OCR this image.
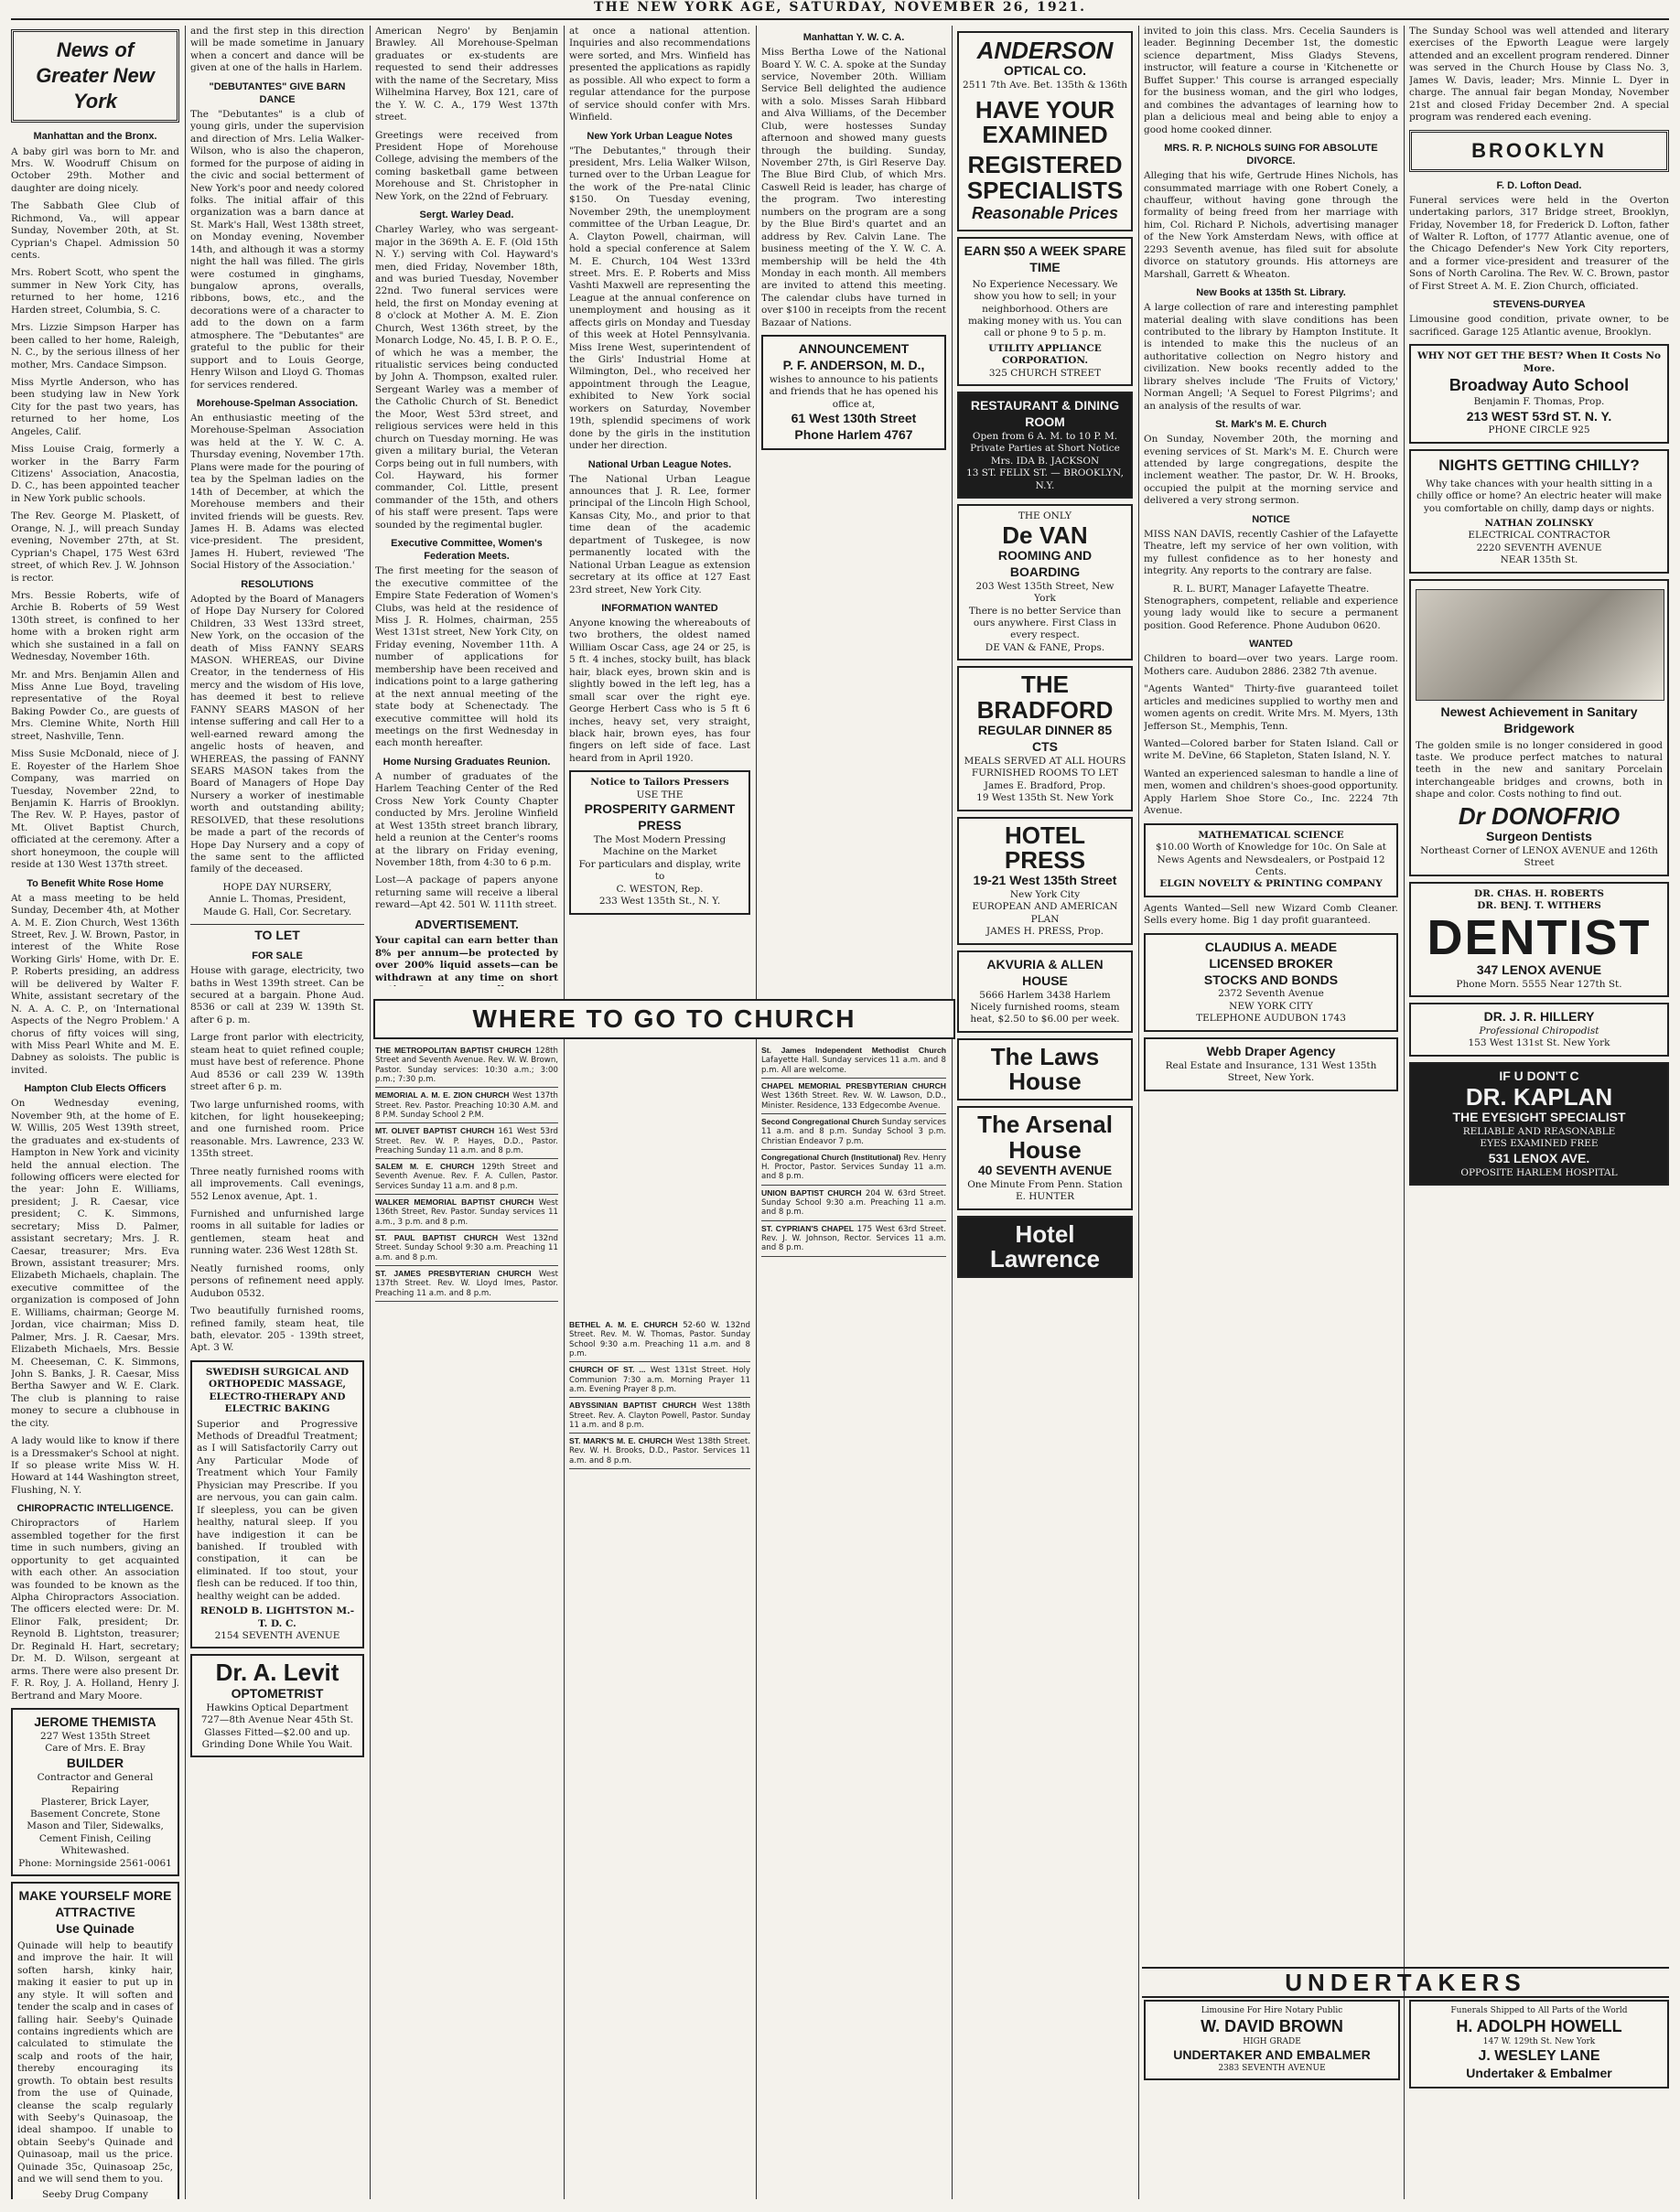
THE NEW YORK AGE, SATURDAY, NOVEMBER 26, 1921.
News of Greater New York
Manhattan and the Bronx.

A baby girl was born to Mr. and Mrs. W. Woodruff Chisum on October 29th. Mother and daughter are doing nicely.

The Sabbath Glee Club of Richmond, Va., will appear Sunday, November 20th, at St. Cyprian's Chapel. Admission 50 cents.

Mrs. Robert Scott, who spent the summer in New York City, has returned to her home, 1216 Harden street, Columbia, S. C.

Mrs. Lizzie Simpson Harper has been called to her home, Raleigh, N. C., by the serious illness of her mother, Mrs. Candace Simpson.

Miss Myrtle Anderson, who has been studying law in New York City for the past two years, has returned to her home, Los Angeles, Calif.

Miss Louise Craig, formerly a worker in the Barry Farm Citizens' Association, Anacostia, D. C., has been appointed teacher in New York public schools.

The Rev. George M. Plaskett, of Orange, N. J., will preach Sunday evening, November 27th, at St. Cyprian's Chapel, 175 West 63rd street, of which Rev. J. W. Johnson is rector.

Mrs. Bessie Roberts, wife of Archie B. Roberts of 59 West 130th street, is confined to her home with a broken right arm which she sustained in a fall on Wednesday, November 16th.

Mr. and Mrs. Benjamin Allen and Miss Anne Lue Boyd, traveling representative of the Royal Baking Powder Co., are guests of Mrs. Clemine White, North Hill street, Nashville, Tenn.

Miss Susie McDonald, niece of J. E. Royester of the Harlem Shoe Company, was married on Tuesday, November 22nd, to Benjamin K. Harris of Brooklyn. The Rev. W. P. Hayes, pastor of Mt. Olivet Baptist Church, officiated at the ceremony. After a short honeymoon, the couple will reside at 130 West 137th street.

To Benefit White Rose Home

At a mass meeting to be held Sunday, December 4th, at Mother A. M. E. Zion Church, West 136th Street, Rev. J. W. Brown, Pastor, in interest of the White Rose Working Girls' Home, with Dr. E. P. Roberts presiding, an address will be delivered by Walter F. White, assistant secretary of the N. A. A. C. P., on 'International Aspects of the Negro Problem.' A chorus of fifty voices will sing, with Miss Pearl White and M. E. Dabney as soloists. The public is invited.

Hampton Club Elects Officers

On Wednesday evening, November 9th, at the home of E. W. Willis, 205 West 139th street, the graduates and ex-students of Hampton in New York and vicinity held the annual election. The following officers were elected for the year: John E. Williams, president; J. R. Caesar, vice president; C. K. Simmons, secretary; Miss D. Palmer, assistant secretary; Mrs. J. R. Caesar, treasurer; Mrs. Eva Brown, assistant treasurer; Mrs. Elizabeth Michaels, chaplain. The executive committee of the organization is composed of John E. Williams, chairman; George M. Jordan, vice chairman; Miss D. Palmer, Mrs. J. R. Caesar, Mrs. Elizabeth Michaels, Mrs. Bessie M. Cheeseman, C. K. Simmons, John S. Banks, J. R. Caesar, Miss Bertha Sawyer and W. E. Clark. The club is planning to raise money to secure a clubhouse in the city.

A lady would like to know if there is a Dressmaker's School at night. If so please write Miss W. H. Howard at 144 Washington street, Flushing, N. Y.

CHIROPRACTIC INTELLIGENCE.

Chiropractors of Harlem assembled together for the first time in such numbers, giving an opportunity to get acquainted with each other. An association was founded to be known as the Alpha Chiropractors Association. The officers elected were: Dr. M. Elinor Falk, president; Dr. Reynold B. Lightston, treasurer; Dr. Reginald H. Hart, secretary; Dr. M. D. Wilson, sergeant at arms. There were also present Dr. F. R. Roy, J. A. Holland, Henry J. Bertrand and Mary Moore.

JEROME THEMISTA
227 West 135th Street
Care of Mrs. E. Bray
BUILDER
Contractor and General Repairing
Plasterer, Brick Layer, Basement Concrete, Stone Mason and Tiler, Sidewalks, Cement Finish, Ceiling Whitewashed.
Phone: Morningside 2561-0061
MAKE YOURSELF MORE ATTRACTIVE
Use Quinade

Quinade will help to beautify and improve the hair. It will soften harsh, kinky hair, making it easier to put up in any style. It will soften and tender the scalp and in cases of falling hair. Seeby's Quinade contains ingredients which are calculated to stimulate the scalp and roots of the hair, thereby encouraging its growth. To obtain best results from the use of Quinade, cleanse the scalp regularly with Seeby's Quinasoap, the ideal shampoo. If unable to obtain Seeby's Quinade and Quinasoap, mail us the price. Quinade 35c, Quinasoap 25c, and we will send them to you.

Seeby Drug Company

and the first step in this direction will be made sometime in January when a concert and dance will be given at one of the halls in Harlem.

"DEBUTANTES" GIVE BARN DANCE

The "Debutantes" is a club of young girls, under the supervision and direction of Mrs. Lelia Walker-Wilson, who is also the chaperon, formed for the purpose of aiding in the civic and social betterment of New York's poor and needy colored folks. The initial affair of this organization was a barn dance at St. Mark's Hall, West 138th street, on Monday evening, November 14th, and although it was a stormy night the hall was filled. The girls were costumed in ginghams, bungalow aprons, overalls, ribbons, bows, etc., and the decorations were of a character to add to the down on a farm atmosphere. The "Debutantes" are grateful to the public for their support and to Louis George, Henry Wilson and Lloyd G. Thomas for services rendered.

Morehouse-Spelman Association.

An enthusiastic meeting of the Morehouse-Spelman Association was held at the Y. W. C. A. Thursday evening, November 17th. Plans were made for the pouring of tea by the Spelman ladies on the 14th of December, at which the Morehouse members and their invited friends will be guests. Rev. James H. B. Adams was elected vice-president. The president, James H. Hubert, reviewed 'The Social History of the Association.'

RESOLUTIONS

Adopted by the Board of Managers of Hope Day Nursery for Colored Children, 33 West 133rd street, New York, on the occasion of the death of Miss FANNY SEARS MASON. WHEREAS, our Divine Creator, in the tenderness of His mercy and the wisdom of His love, has deemed it best to relieve FANNY SEARS MASON of her intense suffering and call Her to a well-earned reward among the angelic hosts of heaven, and WHEREAS, the passing of FANNY SEARS MASON takes from the Board of Managers of Hope Day Nursery a worker of inestimable worth and outstanding ability; RESOLVED, that these resolutions be made a part of the records of Hope Day Nursery and a copy of the same sent to the afflicted family of the deceased.

HOPE DAY NURSERY,
Annie L. Thomas, President,
Maude G. Hall, Cor. Secretary.
TO LET
FOR SALE

House with garage, electricity, two baths in West 139th street. Can be secured at a bargain. Phone Aud. 8536 or call at 239 W. 139th St. after 6 p. m.

Large front parlor with electricity, steam heat to quiet refined couple; must have best of reference. Phone Aud 8536 or call 239 W. 139th street after 6 p. m.

Two large unfurnished rooms, with kitchen, for light housekeeping; and one furnished room. Price reasonable. Mrs. Lawrence, 233 W. 135th street.

Three neatly furnished rooms with all improvements. Call evenings, 552 Lenox avenue, Apt. 1.

Furnished and unfurnished large rooms in all suitable for ladies or gentlemen, steam heat and running water. 236 West 128th St.

Neatly furnished rooms, only persons of refinement need apply. Audubon 0532.

Two beautifully furnished rooms, refined family, steam heat, tile bath, elevator. 205 - 139th street, Apt. 3 W.

SWEDISH SURGICAL AND ORTHOPEDIC MASSAGE, ELECTRO-THERAPY AND ELECTRIC BAKING

Superior and Progressive Methods of Dreadful Treatment; as I will Satisfactorily Carry out Any Particular Mode of Treatment which Your Family Physician may Prescribe. If you are nervous, you can gain calm. If sleepless, you can be given healthy, natural sleep. If you have indigestion it can be banished. If troubled with constipation, it can be eliminated. If too stout, your flesh can be reduced. If too thin, healthy weight can be added.

RENOLD B. LIGHTSTON M.-T. D. C.
2154 SEVENTH AVENUE
Dr. A. Levit
OPTOMETRIST
Hawkins Optical Department
727—8th Avenue Near 45th St.
Glasses Fitted—$2.00 and up.
Grinding Done While You Wait.

American Negro' by Benjamin Brawley. All Morehouse-Spelman graduates or ex-students are requested to send their addresses with the name of the Secretary, Miss Wilhelmina Harvey, Box 121, care of the Y. W. C. A., 179 West 137th street.

Greetings were received from President Hope of Morehouse College, advising the members of the coming basketball game between Morehouse and St. Christopher in New York, on the 22nd of February.

Sergt. Warley Dead.

Charley Warley, who was sergeant-major in the 369th A. E. F. (Old 15th N. Y.) serving with Col. Hayward's men, died Friday, November 18th, and was buried Tuesday, November 22nd. Two funeral services were held, the first on Monday evening at 8 o'clock at Mother A. M. E. Zion Church, West 136th street, by the Monarch Lodge, No. 45, I. B. P. O. E., of which he was a member, the ritualistic services being conducted by John A. Thompson, exalted ruler. Sergeant Warley was a member of the Catholic Church of St. Benedict the Moor, West 53rd street, and religious services were held in this church on Tuesday morning. He was given a military burial, the Veteran Corps being out in full numbers, with Col. Hayward, his former commander, Col. Little, present commander of the 15th, and others of his staff were present. Taps were sounded by the regimental bugler.

Executive Committee, Women's Federation Meets.

The first meeting for the season of the executive committee of the Empire State Federation of Women's Clubs, was held at the residence of Miss J. R. Holmes, chairman, 255 West 131st street, New York City, on Friday evening, November 11th. A number of applications for membership have been received and indications point to a large gathering at the next annual meeting of the state body at Schenectady. The executive committee will hold its meetings on the first Wednesday in each month hereafter.

Home Nursing Graduates Reunion.

A number of graduates of the Harlem Teaching Center of the Red Cross New York County Chapter conducted by Mrs. Jeroline Winfield at West 135th street branch library, held a reunion at the Center's rooms at the library on Friday evening, November 18th, from 4:30 to 6 p.m.

Lost—A package of papers anyone returning same will receive a liberal reward—Apt 42. 501 W. 111th street.

ADVERTISEMENT.

Your capital can earn better than 8% per annum—be protected by over 200% liquid assets—can be withdrawn at any time on short

at once a national attention. Inquiries and also recommendations were sorted, and Mrs. Winfield has presented the applications as rapidly as possible. All who expect to form a regular attendance for the purpose of service should confer with Mrs. Winfield.

New York Urban League Notes

"The Debutantes," through their president, Mrs. Lelia Walker Wilson, turned over to the Urban League for the work of the Pre-natal Clinic $150. On Tuesday evening, November 29th, the unemployment committee of the Urban League, Dr. A. Clayton Powell, chairman, will hold a special conference at Salem M. E. Church, 104 West 133rd street. Mrs. E. P. Roberts and Miss Vashti Maxwell are representing the League at the annual conference on unemployment and housing as it affects girls on Monday and Tuesday of this week at Hotel Pennsylvania. Miss Irene West, superintendent of the Girls' Industrial Home at Wilmington, Del., who received her appointment through the League, exhibited to New York social workers on Saturday, November 19th, splendid specimens of work done by the girls in the institution under her direction.

National Urban League Notes.

The National Urban League announces that J. R. Lee, former principal of the Lincoln High School, Kansas City, Mo., and prior to that time dean of the academic department of Tuskegee, is now permanently located with the National Urban League as extension secretary at its office at 127 East 23rd street, New York City.

INFORMATION WANTED

Anyone knowing the whereabouts of two brothers, the oldest named William Oscar Cass, age 24 or 25, is 5 ft. 4 inches, stocky built, has black hair, black eyes, brown skin and is slightly bowed in the left leg, has a small scar over the right eye. George Herbert Cass who is 5 ft 6 inches, heavy set, very straight, black hair, brown eyes, has four fingers on left side of face. Last heard from in April 1920.

Notice to Tailors Pressers
USE THE
PROSPERITY GARMENT PRESS
The Most Modern Pressing Machine on the Market
For particulars and display, write to
C. WESTON, Rep.
233 West 135th St., N. Y.
WHERE TO GO TO CHURCH
THE METROPOLITAN BAPTIST CHURCH 128th Street and Seventh Avenue. Rev. W. W. Brown, Pastor. Sunday services: 10:30 a.m.; 3:00 p.m.; 7:30 p.m.
MEMORIAL A. M. E. ZION CHURCH West 137th Street. Rev. Pastor. Preaching 10:30 A.M. and 8 P.M. Sunday School 2 P.M.
MT. OLIVET BAPTIST CHURCH 161 West 53rd Street. Rev. W. P. Hayes, D.D., Pastor. Preaching Sunday 11 a.m. and 8 p.m.
SALEM M. E. CHURCH 129th Street and Seventh Avenue. Rev. F. A. Cullen, Pastor. Services Sunday 11 a.m. and 8 p.m.
WALKER MEMORIAL BAPTIST CHURCH West 136th Street, Rev. Pastor. Sunday services 11 a.m., 3 p.m. and 8 p.m.
ST. PAUL BAPTIST CHURCH West 132nd Street. Sunday School 9:30 a.m. Preaching 11 a.m. and 8 p.m.
ST. JAMES PRESBYTERIAN CHURCH West 137th Street. Rev. W. Lloyd Imes, Pastor. Preaching 11 a.m. and 8 p.m.
BETHEL A. M. E. CHURCH 52-60 W. 132nd Street. Rev. M. W. Thomas, Pastor. Sunday School 9:30 a.m. Preaching 11 a.m. and 8 p.m.
CHURCH OF ST. ... West 131st Street. Holy Communion 7:30 a.m. Morning Prayer 11 a.m. Evening Prayer 8 p.m.
ABYSSINIAN BAPTIST CHURCH West 138th Street. Rev. A. Clayton Powell, Pastor. Sunday 11 a.m. and 8 p.m.
ST. MARK'S M. E. CHURCH West 138th Street. Rev. W. H. Brooks, D.D., Pastor. Services 11 a.m. and 8 p.m.
St. James Independent Methodist Church Lafayette Hall. Sunday services 11 a.m. and 8 p.m. All are welcome.
CHAPEL MEMORIAL PRESBYTERIAN CHURCH West 136th Street. Rev. W. W. Lawson, D.D., Minister. Residence, 133 Edgecombe Avenue.
Second Congregational Church Sunday services 11 a.m. and 8 p.m. Sunday School 3 p.m. Christian Endeavor 7 p.m.
Congregational Church (Institutional) Rev. Henry H. Proctor, Pastor. Services Sunday 11 a.m. and 8 p.m.
UNION BAPTIST CHURCH 204 W. 63rd Street. Sunday School 9:30 a.m. Preaching 11 a.m. and 8 p.m.
ST. CYPRIAN'S CHAPEL 175 West 63rd Street. Rev. J. W. Johnson, Rector. Services 11 a.m. and 8 p.m.
Manhattan Y. W. C. A.

Miss Bertha Lowe of the National Board Y. W. C. A. spoke at the Sunday service, November 20th. William Service Bell delighted the audience with a solo. Misses Sarah Hibbard and Alva Williams, of the December Club, were hostesses Sunday afternoon and showed many guests through the building. Sunday, November 27th, is Girl Reserve Day. The Blue Bird Club, of which Mrs. Caswell Reid is leader, has charge of the program. Two interesting numbers on the program are a song by the Blue Bird's quartet and an address by Rev. Calvin Lane. The business meeting of the Y. W. C. A. membership will be held the 4th Monday in each month. All members are invited to attend this meeting. The calendar clubs have turned in over $100 in receipts from the recent Bazaar of Nations.

ANNOUNCEMENT
P. F. ANDERSON, M. D.,
wishes to announce to his patients and friends that he has opened his office at,
61 West 130th Street
Phone Harlem 4767
ANDERSON
OPTICAL CO.
2511 7th Ave. Bet. 135th & 136th
HAVE YOUR EXAMINED
REGISTERED SPECIALISTS
Reasonable Prices
EARN $50 A WEEK SPARE TIME

No Experience Necessary. We show you how to sell; in your neighborhood. Others are making money with us. You can call or phone 9 to 5 p. m.

UTILITY APPLIANCE CORPORATION.
325 CHURCH STREET
RESTAURANT & DINING ROOM
Open from 6 A. M. to 10 P. M.
Private Parties at Short Notice
Mrs. IDA B. JACKSON
13 ST. FELIX ST. — BROOKLYN, N.Y.
THE ONLY
De VAN
ROOMING AND BOARDING
203 West 135th Street, New York
There is no better Service than ours anywhere. First Class in every respect.
DE VAN & FANE, Props.
THE BRADFORD
REGULAR DINNER 85 CTS
MEALS SERVED AT ALL HOURS
FURNISHED ROOMS TO LET
James E. Bradford, Prop.
19 West 135th St. New York
HOTEL PRESS
19-21 West 135th Street
New York City
EUROPEAN AND AMERICAN PLAN
JAMES H. PRESS, Prop.
AKVURIA & ALLEN HOUSE
5666 Harlem 3438 Harlem
Nicely furnished rooms, steam heat, $2.50 to $6.00 per week.
The Laws House
The Arsenal House
40 SEVENTH AVENUE
One Minute From Penn. Station
E. HUNTER
Hotel Lawrence

invited to join this class. Mrs. Cecelia Saunders is leader. Beginning December 1st, the domestic science department, Miss Gladys Stevens, instructor, will feature a course in 'Kitchenette or Buffet Supper.' This course is arranged especially for the business woman, and the girl who lodges, and combines the advantages of learning how to plan a delicious meal and being able to enjoy a good home cooked dinner.

MRS. R. P. NICHOLS SUING FOR ABSOLUTE DIVORCE.

Alleging that his wife, Gertrude Hines Nichols, has consummated marriage with one Robert Conely, a chauffeur, without having gone through the formality of being freed from her marriage with him, Col. Richard P. Nichols, advertising manager of the New York Amsterdam News, with office at 2293 Seventh avenue, has filed suit for absolute divorce on statutory grounds. His attorneys are Marshall, Garrett & Wheaton.

New Books at 135th St. Library.

A large collection of rare and interesting pamphlet material dealing with slave conditions has been contributed to the library by Hampton Institute. It is intended to make this the nucleus of an authoritative collection on Negro history and civilization. New books recently added to the library shelves include 'The Fruits of Victory,' Norman Angell; 'A Sequel to Forest Pilgrims'; and an analysis of the results of war.

St. Mark's M. E. Church

On Sunday, November 20th, the morning and evening services of St. Mark's M. E. Church were attended by large congregations, despite the inclement weather. The pastor, Dr. W. H. Brooks, occupied the pulpit at the morning service and delivered a very strong sermon.

NOTICE

MISS NAN DAVIS, recently Cashier of the Lafayette Theatre, left my service of her own volition, with my fullest confidence as to her honesty and integrity. Any reports to the contrary are false.

R. L. BURT, Manager Lafayette Theatre.

Stenographers, competent, reliable and experience young lady would like to secure a permanent position. Good Reference. Phone Audubon 0620.

WANTED

Children to board—over two years. Large room. Mothers care. Audubon 2886. 2382 7th avenue.

"Agents Wanted" Thirty-five guaranteed toilet articles and medicines supplied to worthy men and women agents on credit. Write Mrs. M. Myers, 13th Jefferson St., Memphis, Tenn.

Wanted—Colored barber for Staten Island. Call or write M. DeVine, 66 Stapleton, Staten Island, N. Y.

Wanted an experienced salesman to handle a line of men, women and children's shoes-good opportunity. Apply Harlem Shoe Store Co., Inc. 2224 7th Avenue.

MATHEMATICAL SCIENCE
$10.00 Worth of Knowledge for 10c. On Sale at News Agents and Newsdealers, or Postpaid 12 Cents.
ELGIN NOVELTY & PRINTING COMPANY

Agents Wanted—Sell new Wizard Comb Cleaner. Sells every home. Big 1 day profit guaranteed.

CLAUDIUS A. MEADE
LICENSED BROKER
STOCKS AND BONDS
2372 Seventh Avenue
NEW YORK CITY
TELEPHONE AUDUBON 1743
Webb Draper Agency
Real Estate and Insurance, 131 West 135th Street, New York.

The Sunday School was well attended and literary exercises of the Epworth League were largely attended and an excellent program rendered. Dinner was served in the Church House by Class No. 3, James W. Davis, leader; Mrs. Minnie L. Dyer in charge. The annual fair began Monday, November 21st and closed Friday December 2nd. A special program was rendered each evening.

BROOKLYN
F. D. Lofton Dead.

Funeral services were held in the Overton undertaking parlors, 317 Bridge street, Brooklyn, Friday, November 18, for Frederick D. Lofton, father of Walter R. Lofton, of 1777 Atlantic avenue, one of the Chicago Defender's New York City reporters, and a former vice-president and treasurer of the Sons of North Carolina. The Rev. W. C. Brown, pastor of First Street A. M. E. Zion Church, officiated.

STEVENS-DURYEA

Limousine good condition, private owner, to be sacrificed. Garage 125 Atlantic avenue, Brooklyn.

WHY NOT GET THE BEST? When It Costs No More.
Broadway Auto School
Benjamin F. Thomas, Prop.
213 WEST 53rd ST. N. Y.
PHONE CIRCLE 925
NIGHTS GETTING CHILLY?

Why take chances with your health sitting in a chilly office or home? An electric heater will make you comfortable on chilly, damp days or nights.

NATHAN ZOLINSKY
ELECTRICAL CONTRACTOR
2220 SEVENTH AVENUE
NEAR 135th St.
Newest Achievement in Sanitary Bridgework

The golden smile is no longer considered in good taste. We produce perfect matches to natural teeth in the new and sanitary Porcelain interchangeable bridges and crowns, both in shape and color. Costs nothing to find out.

Dr DONOFRIO
Surgeon Dentists
Northeast Corner of LENOX AVENUE and 126th Street
DR. CHAS. H. ROBERTS
DR. BENJ. T. WITHERS
DENTIST
347 LENOX AVENUE
Phone Morn. 5555 Near 127th St.
DR. J. R. HILLERY
Professional Chiropodist
153 West 131st St. New York
IF U DON'T C
DR. KAPLAN
THE EYESIGHT SPECIALIST
RELIABLE AND REASONABLE
EYES EXAMINED FREE
531 LENOX AVE.
OPPOSITE HARLEM HOSPITAL
UNDERTAKERS
Limousine For Hire Notary Public
W. DAVID BROWN
HIGH GRADE
UNDERTAKER AND EMBALMER
2383 SEVENTH AVENUE
Funerals Shipped to All Parts of the World
H. ADOLPH HOWELL
147 W. 129th St. New York
J. WESLEY LANE
Undertaker & Embalmer
